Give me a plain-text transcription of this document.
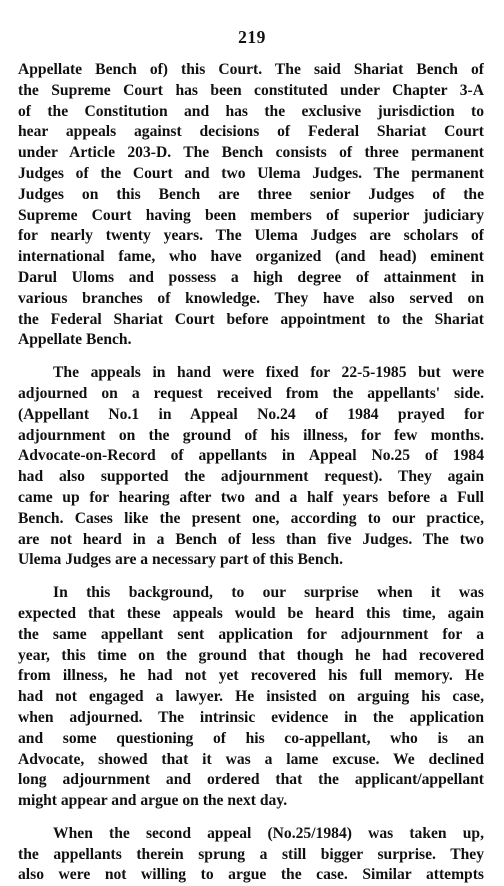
219
Appellate Bench of) this Court. The said Shariat Bench of
the Supreme Court has been constituted under Chapter 3-A
of the Constitution and has the exclusive jurisdiction to
hear appeals against decisions of Federal Shariat Court
under Article 203-D. The Bench consists of three permanent
Judges of the Court and two Ulema Judges. The permanent
Judges on this Bench are three senior Judges of the
Supreme Court having been members of superior judiciary
for nearly twenty years. The Ulema Judges are scholars of
international fame, who have organized (and head) eminent
Darul Uloms and possess a high degree of attainment in
various branches of knowledge. They have also served on
the Federal Shariat Court before appointment to the Shariat
Appellate Bench.
The appeals in hand were fixed for 22-5-1985 but were
adjourned on a request received from the appellants' side.
(Appellant No.1 in Appeal No.24 of 1984 prayed for
adjournment on the ground of his illness, for few months.
Advocate-on-Record of appellants in Appeal No.25 of 1984
had also supported the adjournment request). They again
came up for hearing after two and a half years before a Full
Bench. Cases like the present one, according to our practice,
are not heard in a Bench of less than five Judges. The two
Ulema Judges are a necessary part of this Bench.
In this background, to our surprise when it was
expected that these appeals would be heard this time, again
the same appellant sent application for adjournment for a
year, this time on the ground that though he had recovered
from illness, he had not yet recovered his full memory. He
had not engaged a lawyer. He insisted on arguing his case,
when adjourned. The intrinsic evidence in the application
and some questioning of his co-appellant, who is an
Advocate, showed that it was a lame excuse. We declined
long adjournment and ordered that the applicant/appellant
might appear and argue on the next day.
When the second appeal (No.25/1984) was taken up,
the appellants therein sprung a still bigger surprise. They
also were not willing to argue the case. Similar attempts
